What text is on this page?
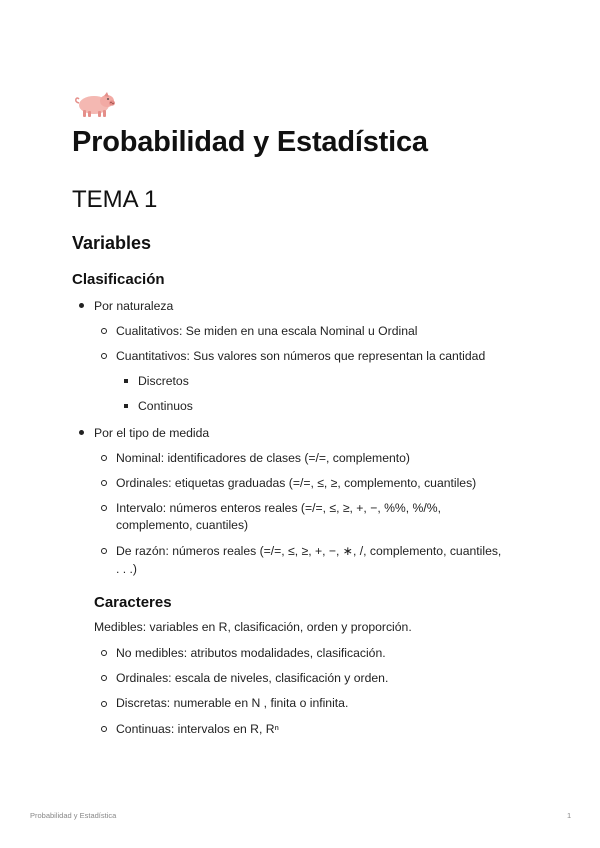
Probabilidad y Estadística
TEMA 1
Variables
Clasificación

Por naturaleza

Cualitativos: Se miden en una escala Nominal u Ordinal

Cuantitativos: Sus valores son números que representan la cantidad

Discretos

Continuos

Por el tipo de medida

Nominal: identificadores de clases (=/=, complemento)

Ordinales: etiquetas graduadas (=/=, ≤, ≥, complemento, cuantiles)

Intervalo: números enteros reales (=/=, ≤, ≥, +, −, %%, %/%,

complemento, cuantiles)

De razón: números reales (=/=, ≤, ≥, +, −, ∗, /, complemento, cuantiles,

. . .)

Caracteres

Medibles: variables en R, clasificación, orden y proporción.

No medibles: atributos modalidades, clasificación.

Ordinales: escala de niveles, clasificación y orden.

Discretas: numerable en N , finita o infinita.

Continuas: intervalos en R, Rⁿ

Probabilidad y Estadística	1
